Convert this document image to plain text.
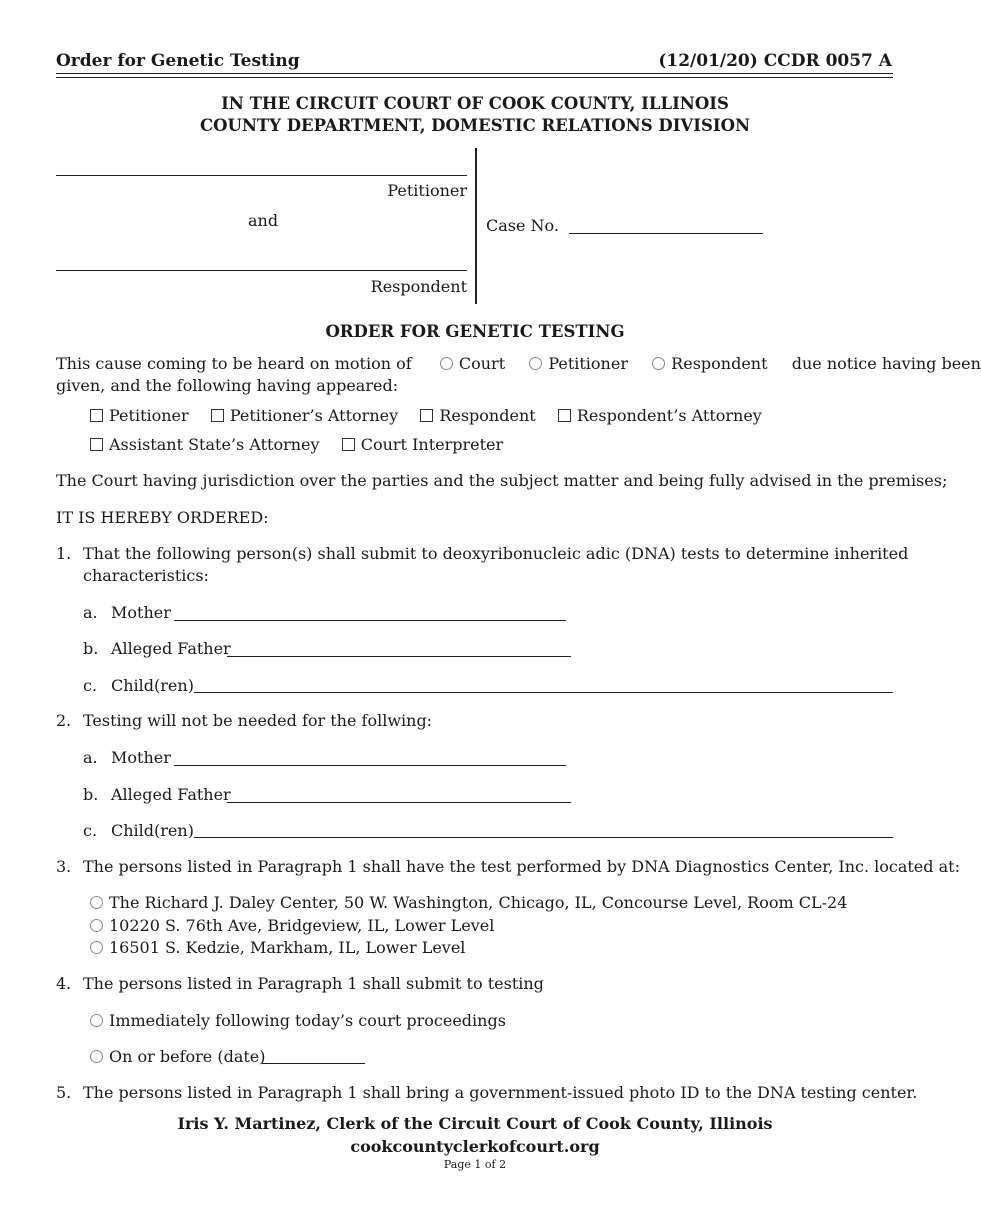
Order for Genetic Testing	(12/01/20) CCDR 0057 A
IN THE CIRCUIT COURT OF COOK COUNTY, ILLINOIS
COUNTY DEPARTMENT, DOMESTIC RELATIONS DIVISION
Petitioner
and
Respondent
Case No.
ORDER FOR GENETIC TESTING
This cause coming to be heard on motion of	Court	Petitioner	Respondent due notice having been
given, and the following having appeared:
Petitioner	Petitioner’s Attorney	Respondent	Respondent’s Attorney
Assistant State’s Attorney	Court Interpreter
The Court having jurisdiction over the parties and the subject matter and being fully advised in the premises;
IT IS HEREBY ORDERED:
1. That the following person(s) shall submit to deoxyribonucleic adic (DNA) tests to determine inherited
characteristics:
a. Mother
b. Alleged Father
c. Child(ren)
2. Testing will not be needed for the follwing:
a. Mother
b. Alleged Father
c. Child(ren)
3. The persons listed in Paragraph 1 shall have the test performed by DNA Diagnostics Center, Inc. located at:
The Richard J. Daley Center, 50 W. Washington, Chicago, IL, Concourse Level, Room CL-24
10220 S. 76th Ave, Bridgeview, IL, Lower Level
16501 S. Kedzie, Markham, IL, Lower Level
4. The persons listed in Paragraph 1 shall submit to testing
Immediately following today’s court proceedings
On or before (date)
5. The persons listed in Paragraph 1 shall bring a government-issued photo ID to the DNA testing center.
Iris Y. Martinez, Clerk of the Circuit Court of Cook County, Illinois
cookcountyclerkofcourt.org
Page 1 of 2
